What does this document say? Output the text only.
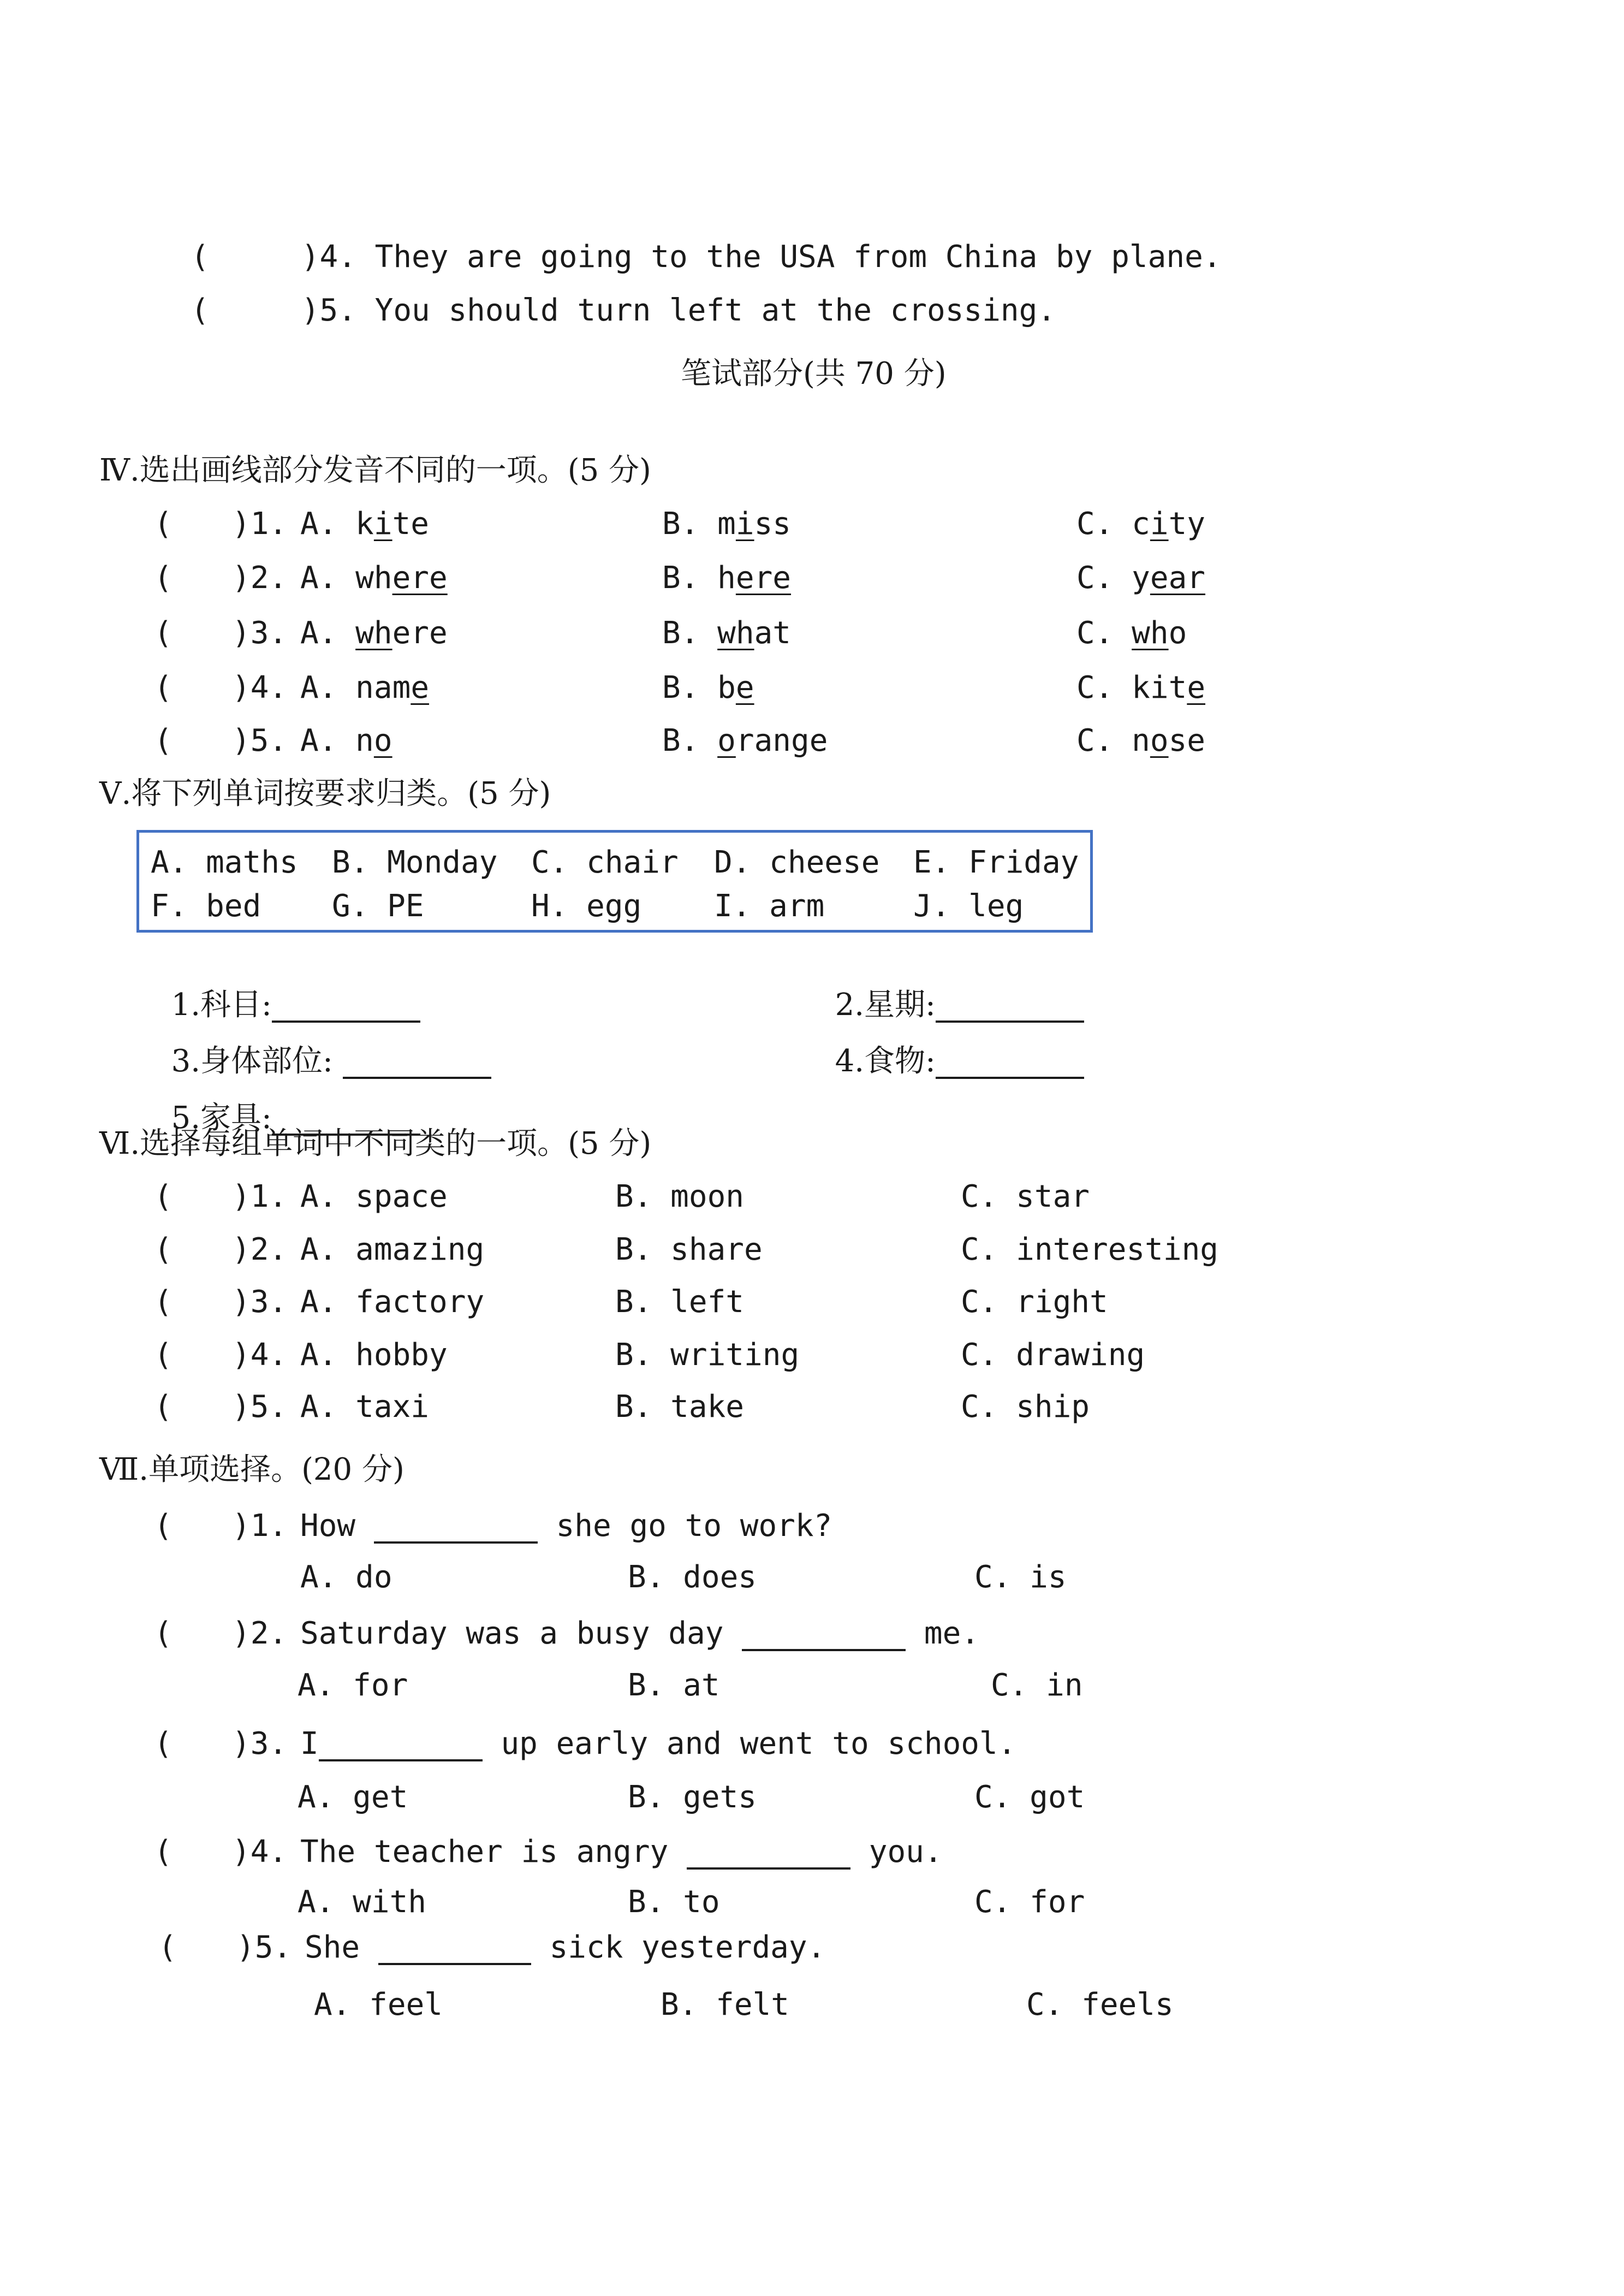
(	)4. They are going to the USA from China by plane.

(	)5. You should turn left at the crossing.

笔试部分(共 70 分)
Ⅳ.选出画线部分发音不同的一项。(5 分)
( )1. A. kite	B. miss	C. city
( )2. A. where	B. here	C. year
( )3. A. where	B. what	C. who
( )4. A. name	B. be	C. kite
( )5. A. no	B. orange	C. nose
Ⅴ.将下列单词按要求归类。(5 分)
A. maths B. Monday C. chair D. cheese E. Friday
F. bed G. PE	H. egg I. arm	J. leg

1.科目:	2.星期:

3.身体部位:	4.食物:

5.家具:

Ⅵ.选择每组单词中不同类的一项。(5 分)
( )1. A. space	B. moon	C. star
( )2. A. amazing	B. share	C. interesting
( )3. A. factory	B. left	C. right
( )4. A. hobby	B. writing	C. drawing
( )5. A. taxi	B. take	C. ship
Ⅶ.单项选择。(20 分)
( )1. How	she go to work?
A. do	B. does	C. is
( )2. Saturday was a busy day	me.
A. for	B. at	C. in
( )3. I	up early and went to school.
A. get	B. gets	C. got
( )4. The teacher is angry	you.
A. with	B. to	C. for
( )5. She	sick yesterday.
A. feel	B. felt	C. feels
